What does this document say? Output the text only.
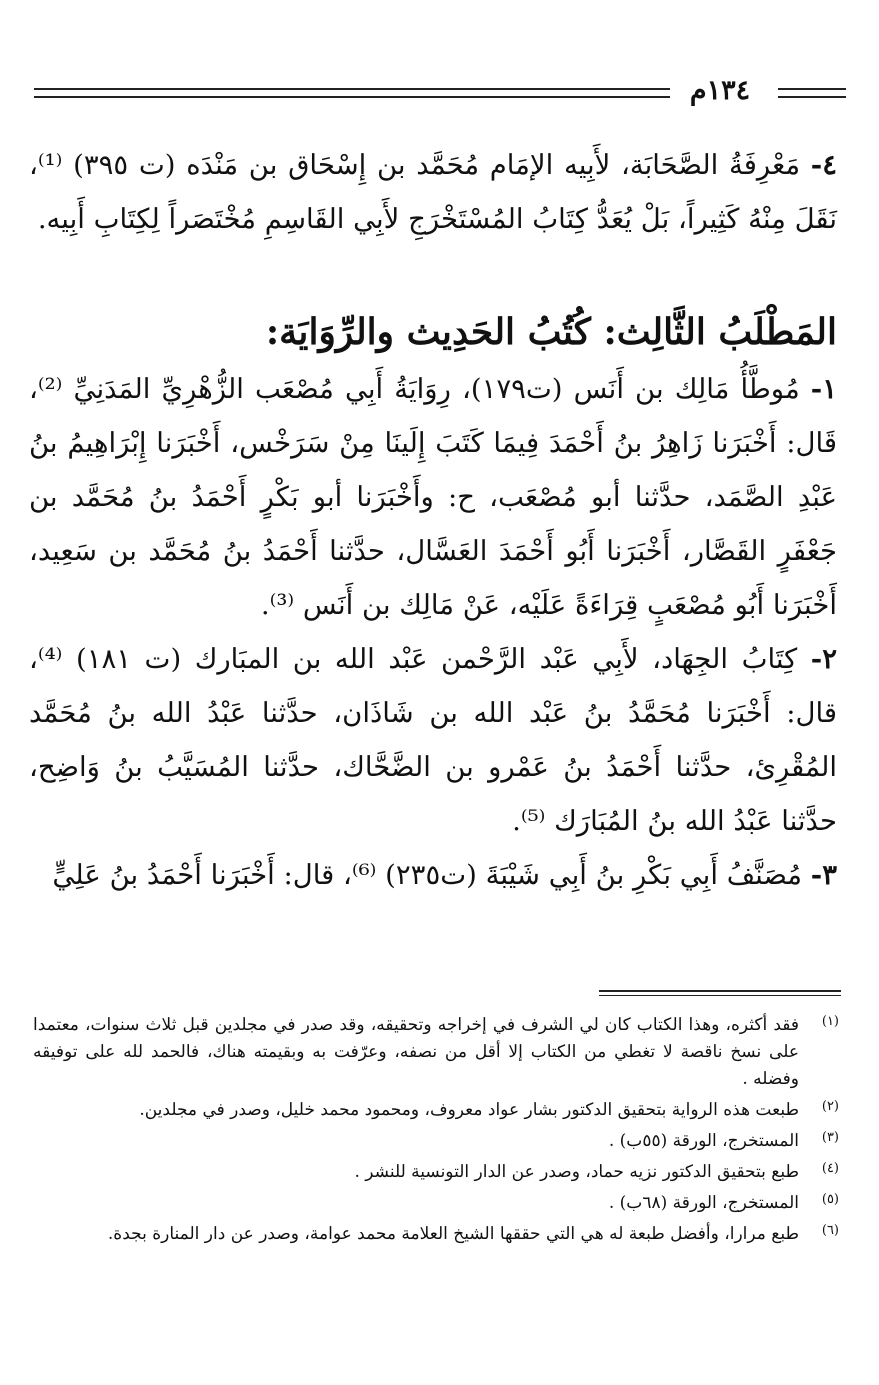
١٣٤م

٤- مَعْرِفَةُ الصَّحَابَة، لأَبِيه الإمَام مُحَمَّد بن إِسْحَاق بن مَنْدَه (ت ٣٩٥) ⁽¹⁾، نَقَلَ مِنْهُ كَثِيراً، بَلْ يُعَدُّ كِتَابُ المُسْتَخْرَجِ لأَبِي القَاسِمِ مُخْتَصَراً لِكِتَابِ أَبِيه.

المَطْلَبُ الثَّالِث: كُتُبُ الحَدِيث والرِّوَايَة:

١- مُوطَّأُ مَالِك بن أَنَس (ت١٧٩)، رِوَايَةُ أَبِي مُصْعَب الزُّهْرِيِّ المَدَنِيِّ ⁽²⁾، قَال: أَخْبَرَنا زَاهِرُ بنُ أَحْمَدَ فِيمَا كَتَبَ إِلَينَا مِنْ سَرَخْس، أَخْبَرَنا إِبْرَاهِيمُ بنُ عَبْدِ الصَّمَد، حدَّثنا أبو مُصْعَب، ح: وأَخْبَرَنا أبو بَكْرٍ أَحْمَدُ بنُ مُحَمَّد بن جَعْفَرٍ القَصَّار، أَخْبَرَنا أَبُو أَحْمَدَ العَسَّال، حدَّثنا أَحْمَدُ بنُ مُحَمَّد بن سَعِيد، أَخْبَرَنا أَبُو مُصْعَبٍ قِرَاءَةً عَلَيْه، عَنْ مَالِك بن أَنَس ⁽³⁾.

٢- كِتَابُ الجِهَاد، لأَبِي عَبْد الرَّحْمن عَبْد الله بن المبَارك (ت ١٨١) ⁽⁴⁾، قال: أَخْبَرَنا مُحَمَّدُ بنُ عَبْد الله بن شَاذَان، حدَّثنا عَبْدُ الله بنُ مُحَمَّد المُقْرِئ، حدَّثنا أَحْمَدُ بنُ عَمْرو بن الضَّحَّاك، حدَّثنا المُسَيَّبُ بنُ وَاضِح، حدَّثنا عَبْدُ الله بنُ المُبَارَك ⁽⁵⁾.

٣- مُصَنَّفُ أَبِي بَكْرِ بنُ أَبِي شَيْبَةَ (ت٢٣٥) ⁽⁶⁾، قال: أَخْبَرَنا أَحْمَدُ بنُ عَلِيٍّ

(١)
فقد أكثره، وهذا الكتاب كان لي الشرف في إخراجه وتحقيقه، وقد صدر في مجلدين قبل ثلاث سنوات، معتمدا على نسخ ناقصة لا تغطي من الكتاب إلا أقل من نصفه، وعرّفت به وبقيمته هناك، فالحمد لله على توفيقه وفضله .

(٢)
طبعت هذه الرواية بتحقيق الدكتور بشار عواد معروف، ومحمود محمد خليل، وصدر في مجلدين.

(٣)
المستخرج، الورقة (٥٥ب) .

(٤)
طبع بتحقيق الدكتور نزيه حماد، وصدر عن الدار التونسية للنشر .

(٥)
المستخرج، الورقة (٦٨ب) .

(٦)
طبع مرارا، وأفضل طبعة له هي التي حققها الشيخ العلامة محمد عوامة، وصدر عن دار المنارة بجدة.
